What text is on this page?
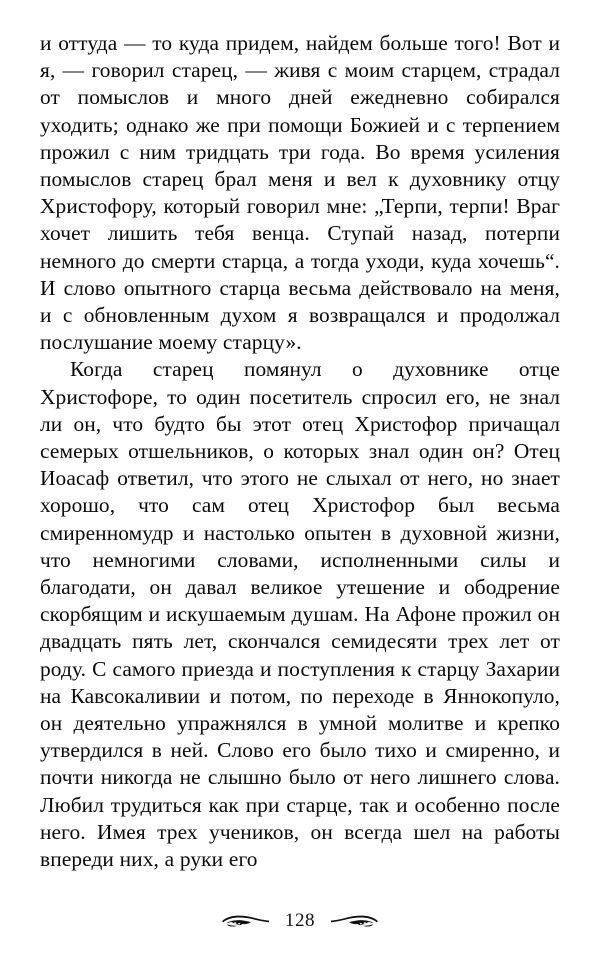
и оттуда — то куда придем, найдем больше того! Вот и я, — говорил старец, — живя с моим старцем, страдал от помыслов и много дней ежедневно собирался уходить; однако же при помощи Божией и с терпением прожил с ним тридцать три года. Во время усиления помыслов старец брал меня и вел к духовнику отцу Христофору, который говорил мне: „Терпи, терпи! Враг хочет лишить тебя венца. Ступай назад, потерпи немного до смерти старца, а тогда уходи, куда хочешь“. И слово опытного старца весьма действовало на меня, и с обновленным духом я возвращался и продолжал послушание моему старцу».

Когда старец помянул о духовнике отце Христофоре, то один посетитель спросил его, не знал ли он, что будто бы этот отец Христофор причащал семерых отшельников, о которых знал один он? Отец Иоасаф ответил, что этого не слыхал от него, но знает хорошо, что сам отец Христофор был весьма смиренномудр и настолько опытен в духовной жизни, что немногими словами, исполненными силы и благодати, он давал великое утешение и ободрение скорбящим и искушаемым душам. На Афоне прожил он двадцать пять лет, скончался семидесяти трех лет от роду. С самого приезда и поступления к старцу Захарии на Кавсокаливии и потом, по переходе в Яннокопуло, он деятельно упражнялся в умной молитве и крепко утвердился в ней. Слово его было тихо и смиренно, и почти никогда не слышно было от него лишнего слова. Любил трудиться как при старце, так и особенно после него. Имея трех учеников, он всегда шел на работы впереди них, а руки его

128
